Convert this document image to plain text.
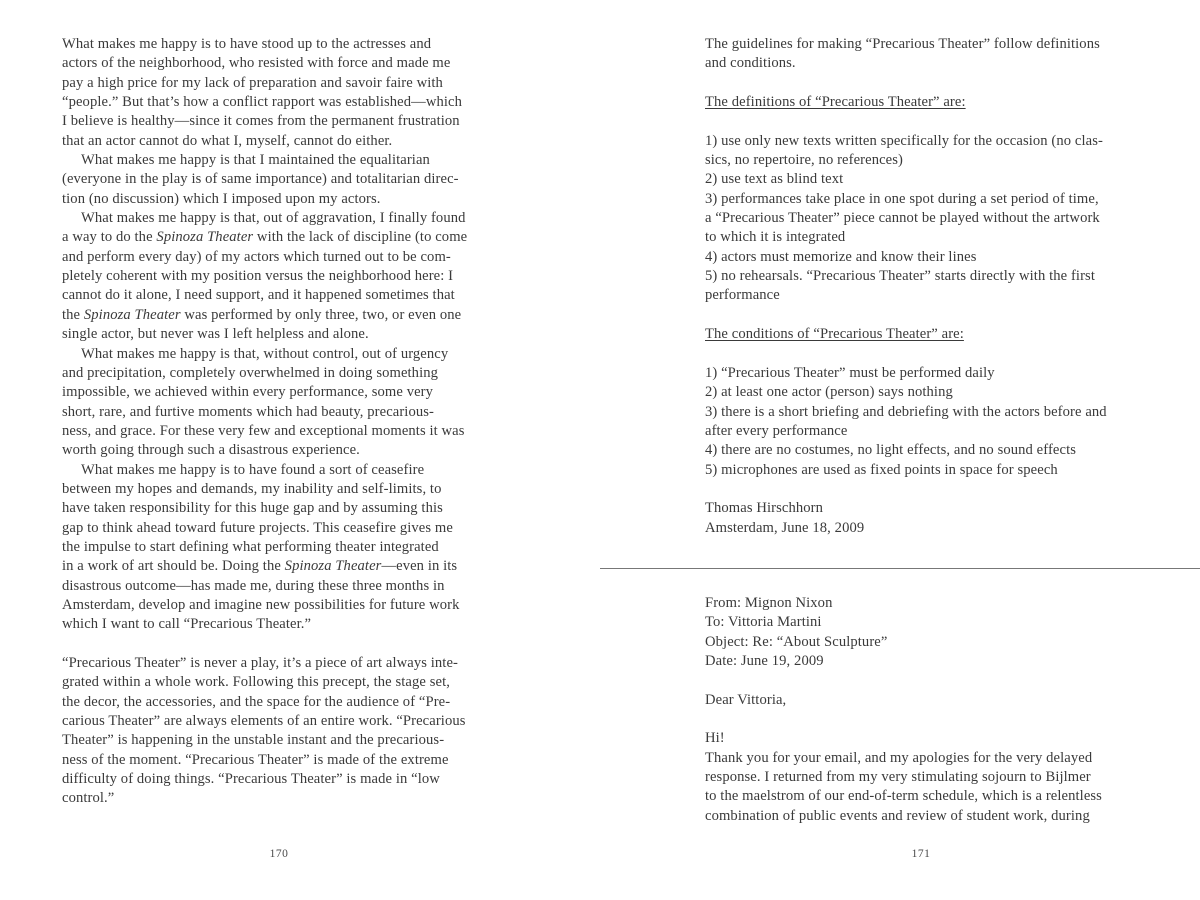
What makes me happy is to have stood up to the actresses and
actors of the neighborhood, who resisted with force and made me
pay a high price for my lack of preparation and savoir faire with
“people.” But that’s how a conflict rapport was established—which
I believe is healthy—since it comes from the permanent frustration
that an actor cannot do what I, myself, cannot do either.
What makes me happy is that I maintained the equalitarian
(everyone in the play is of same importance) and totalitarian direc-
tion (no discussion) which I imposed upon my actors.
What makes me happy is that, out of aggravation, I finally found
a way to do the Spinoza Theater with the lack of discipline (to come
and perform every day) of my actors which turned out to be com-
pletely coherent with my position versus the neighborhood here: I
cannot do it alone, I need support, and it happened sometimes that
the Spinoza Theater was performed by only three, two, or even one
single actor, but never was I left helpless and alone.
What makes me happy is that, without control, out of urgency
and precipitation, completely overwhelmed in doing something
impossible, we achieved within every performance, some very
short, rare, and furtive moments which had beauty, precarious-
ness, and grace. For these very few and exceptional moments it was
worth going through such a disastrous experience.
What makes me happy is to have found a sort of ceasefire
between my hopes and demands, my inability and self-limits, to
have taken responsibility for this huge gap and by assuming this
gap to think ahead toward future projects. This ceasefire gives me
the impulse to start defining what performing theater integrated
in a work of art should be. Doing the Spinoza Theater—even in its
disastrous outcome—has made me, during these three months in
Amsterdam, develop and imagine new possibilities for future work
which I want to call “Precarious Theater.”
“Precarious Theater” is never a play, it’s a piece of art always inte-
grated within a whole work. Following this precept, the stage set,
the decor, the accessories, and the space for the audience of “Pre-
carious Theater” are always elements of an entire work. “Precarious
Theater” is happening in the unstable instant and the precarious-
ness of the moment. “Precarious Theater” is made of the extreme
difficulty of doing things. “Precarious Theater” is made in “low
control.”
170
The guidelines for making “Precarious Theater” follow definitions
and conditions.
The definitions of “Precarious Theater” are:
1) use only new texts written specifically for the occasion (no clas-
sics, no repertoire, no references)
2) use text as blind text
3) performances take place in one spot during a set period of time,
a “Precarious Theater” piece cannot be played without the artwork
to which it is integrated
4) actors must memorize and know their lines
5) no rehearsals. “Precarious Theater” starts directly with the first
performance
The conditions of “Precarious Theater” are:
1) “Precarious Theater” must be performed daily
2) at least one actor (person) says nothing
3) there is a short briefing and debriefing with the actors before and
after every performance
4) there are no costumes, no light effects, and no sound effects
5) microphones are used as fixed points in space for speech
Thomas Hirschhorn
Amsterdam, June 18, 2009
From: Mignon Nixon
To: Vittoria Martini
Object: Re: “About Sculpture”
Date: June 19, 2009
Dear Vittoria,
Hi!
Thank you for your email, and my apologies for the very delayed
response. I returned from my very stimulating sojourn to Bijlmer
to the maelstrom of our end-of-term schedule, which is a relentless
combination of public events and review of student work, during
171
